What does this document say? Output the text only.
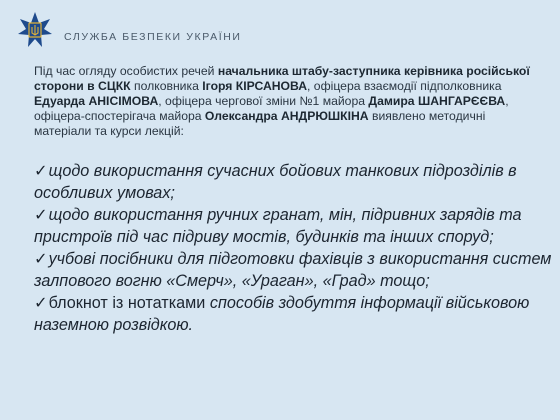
СЛУЖБА БЕЗПЕКИ УКРАЇНИ
Під час огляду особистих речей начальника штабу-заступника керівника російської сторони в СЦКК полковника Ігоря КІРСАНОВА, офіцера взаємодії підполковника Едуарда АНІСІМОВА, офіцера чергової зміни №1 майора Дамира ШАНГАРЄЄВА, офіцера-спостерігача майора Олександра АНДРЮШКІНА виявлено методичні матеріали та курси лекцій:
✓щодо використання сучасних бойових танкових підрозділів в особливих умовах;
✓щодо використання ручних гранат, мін, підривних зарядів та пристроїв під час підриву мостів, будинків та інших споруд;
✓учбові посібники для підготовки фахівців з використання систем залпового вогню «Смерч», «Ураган», «Град» тощо;
✓блокнот із нотатками способів здобуття інформації військовою наземною розвідкою.
